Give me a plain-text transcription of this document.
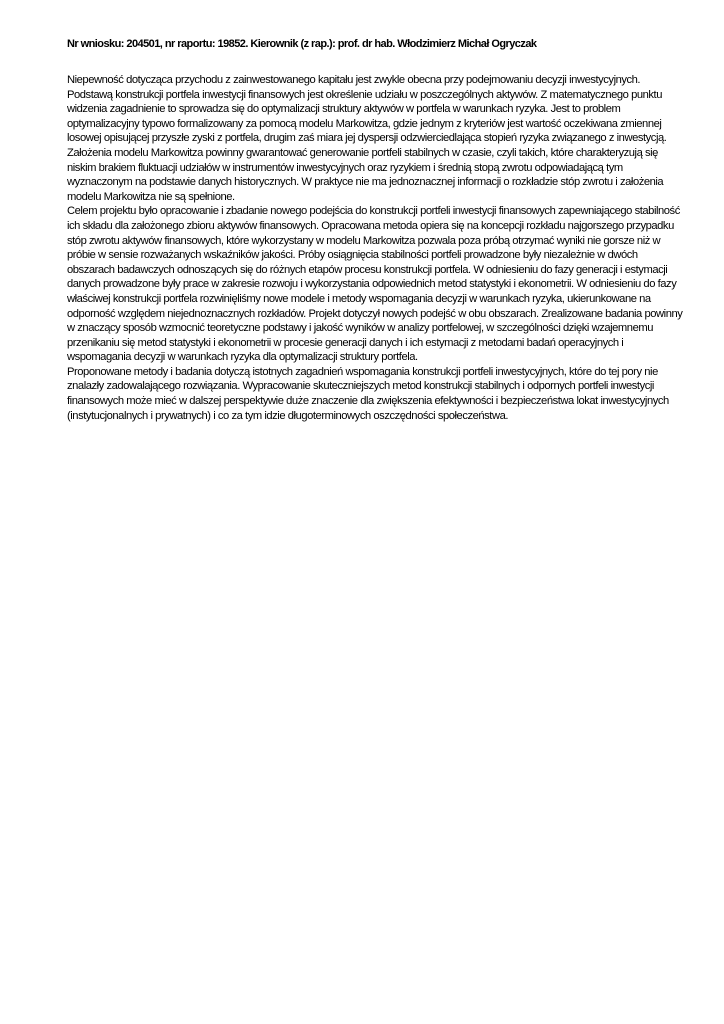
Nr wniosku: 204501, nr raportu: 19852. Kierownik (z rap.): prof. dr hab. Włodzimierz Michał Ogryczak

Niepewność dotycząca przychodu z zainwestowanego kapitału jest zwykle obecna przy podejmowaniu decyzji inwestycyjnych. Podstawą konstrukcji portfela inwestycji finansowych jest określenie udziału w poszczególnych aktywów. Z matematycznego punktu widzenia zagadnienie to sprowadza się do optymalizacji struktury aktywów w portfela w warunkach ryzyka. Jest to problem optymalizacyjny typowo formalizowany za pomocą modelu Markowitza, gdzie jednym z kryteriów jest wartość oczekiwana zmiennej losowej opisującej przyszłe zyski z portfela, drugim zaś miara jej dyspersji odzwierciedlająca stopień ryzyka związanego z inwestycją. Założenia modelu Markowitza powinny gwarantować generowanie portfeli stabilnych w czasie, czyli takich, które charakteryzują się niskim brakiem fluktuacji udziałów w instrumentów inwestycyjnych oraz ryzykiem i średnią stopą zwrotu odpowiadającą tym wyznaczonym na podstawie danych historycznych. W praktyce nie ma jednoznacznej informacji o rozkładzie stóp zwrotu i założenia modelu Markowitza nie są spełnione.

Celem projektu było opracowanie i zbadanie nowego podejścia do konstrukcji portfeli inwestycji finansowych zapewniającego stabilność ich składu dla założonego zbioru aktywów finansowych. Opracowana metoda opiera się na koncepcji rozkładu najgorszego przypadku stóp zwrotu aktywów finansowych, które wykorzystany w modelu Markowitza pozwala poza próbą otrzymać wyniki nie gorsze niż w próbie w sensie rozważanych wskaźników jakości. Próby osiągnięcia stabilności portfeli prowadzone były niezależnie w dwóch obszarach badawczych odnoszących się do różnych etapów procesu konstrukcji portfela. W odniesieniu do fazy generacji i estymacji danych prowadzone były prace w zakresie rozwoju i wykorzystania odpowiednich metod statystyki i ekonometrii. W odniesieniu do fazy właściwej konstrukcji portfela rozwinięliśmy nowe modele i metody wspomagania decyzji w warunkach ryzyka, ukierunkowane na odporność względem niejednoznacznych rozkładów. Projekt dotyczył nowych podejść w obu obszarach. Zrealizowane badania powinny w znaczący sposób wzmocnić teoretyczne podstawy i jakość wyników w analizy portfelowej, w szczególności dzięki wzajemnemu przenikaniu się metod statystyki i ekonometrii w procesie generacji danych i ich estymacji z metodami badań operacyjnych i wspomagania decyzji w warunkach ryzyka dla optymalizacji struktury portfela.

Proponowane metody i badania dotyczą istotnych zagadnień wspomagania konstrukcji portfeli inwestycyjnych, które do tej pory nie znalazły zadowalającego rozwiązania. Wypracowanie skuteczniejszych metod konstrukcji stabilnych i odpornych portfeli inwestycji finansowych może mieć w dalszej perspektywie duże znaczenie dla zwiększenia efektywności i bezpieczeństwa lokat inwestycyjnych (instytucjonalnych i prywatnych) i co za tym idzie długoterminowych oszczędności społeczeństwa.
